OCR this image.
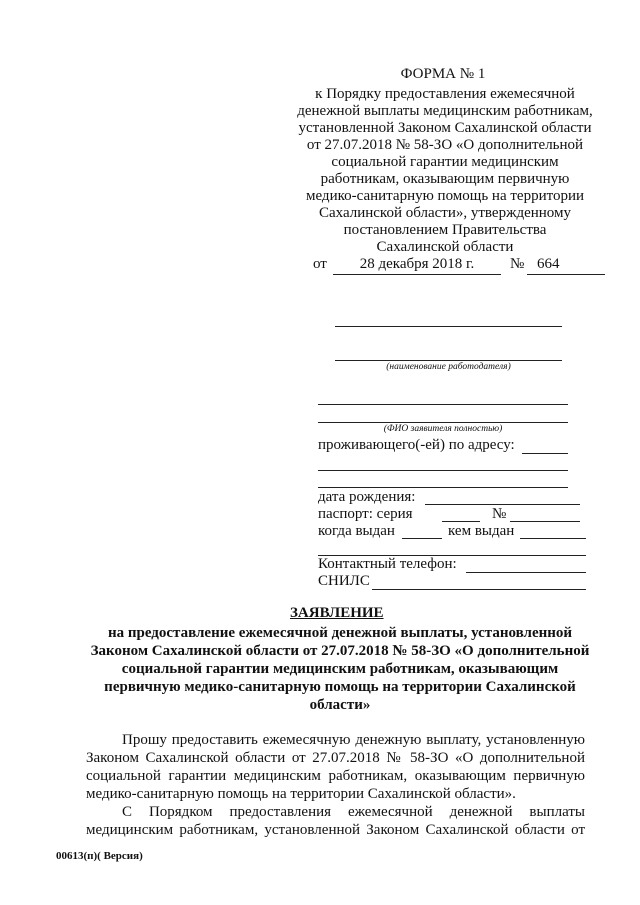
ФОРМА № 1
к Порядку предоставления ежемесячной
денежной выплаты медицинским работникам,
установленной Законом Сахалинской области
от 27.07.2018 № 58-ЗО «О дополнительной
социальной гарантии медицинским
работникам, оказывающим первичную
медико-санитарную помощь на территории
Сахалинской области», утвержденному
постановлением Правительства
Сахалинской области
от	28 декабря 2018 г.	№ 664
(наименование работодателя)
(ФИО заявителя полностью)
проживающего(-ей) по адресу:
дата рождения:
паспорт: серия	№
когда выдан	кем выдан
Контактный телефон:
СНИЛС
ЗАЯВЛЕНИЕ
на предоставление ежемесячной денежной выплаты, установленной
Законом Сахалинской области от 27.07.2018 № 58-ЗО «О дополнительной
социальной гарантии медицинским работникам, оказывающим
первичную медико-санитарную помощь на территории Сахалинской
области»
Прошу предоставить ежемесячную денежную выплату, установленную
Законом Сахалинской области от 27.07.2018 № 58-ЗО «О дополнительной
социальной гарантии медицинским работникам, оказывающим первичную
медико-санитарную помощь на территории Сахалинской области».
С Порядком предоставления ежемесячной денежной выплаты
медицинским работникам, установленной Законом Сахалинской области от
00613(п)( Версия)
